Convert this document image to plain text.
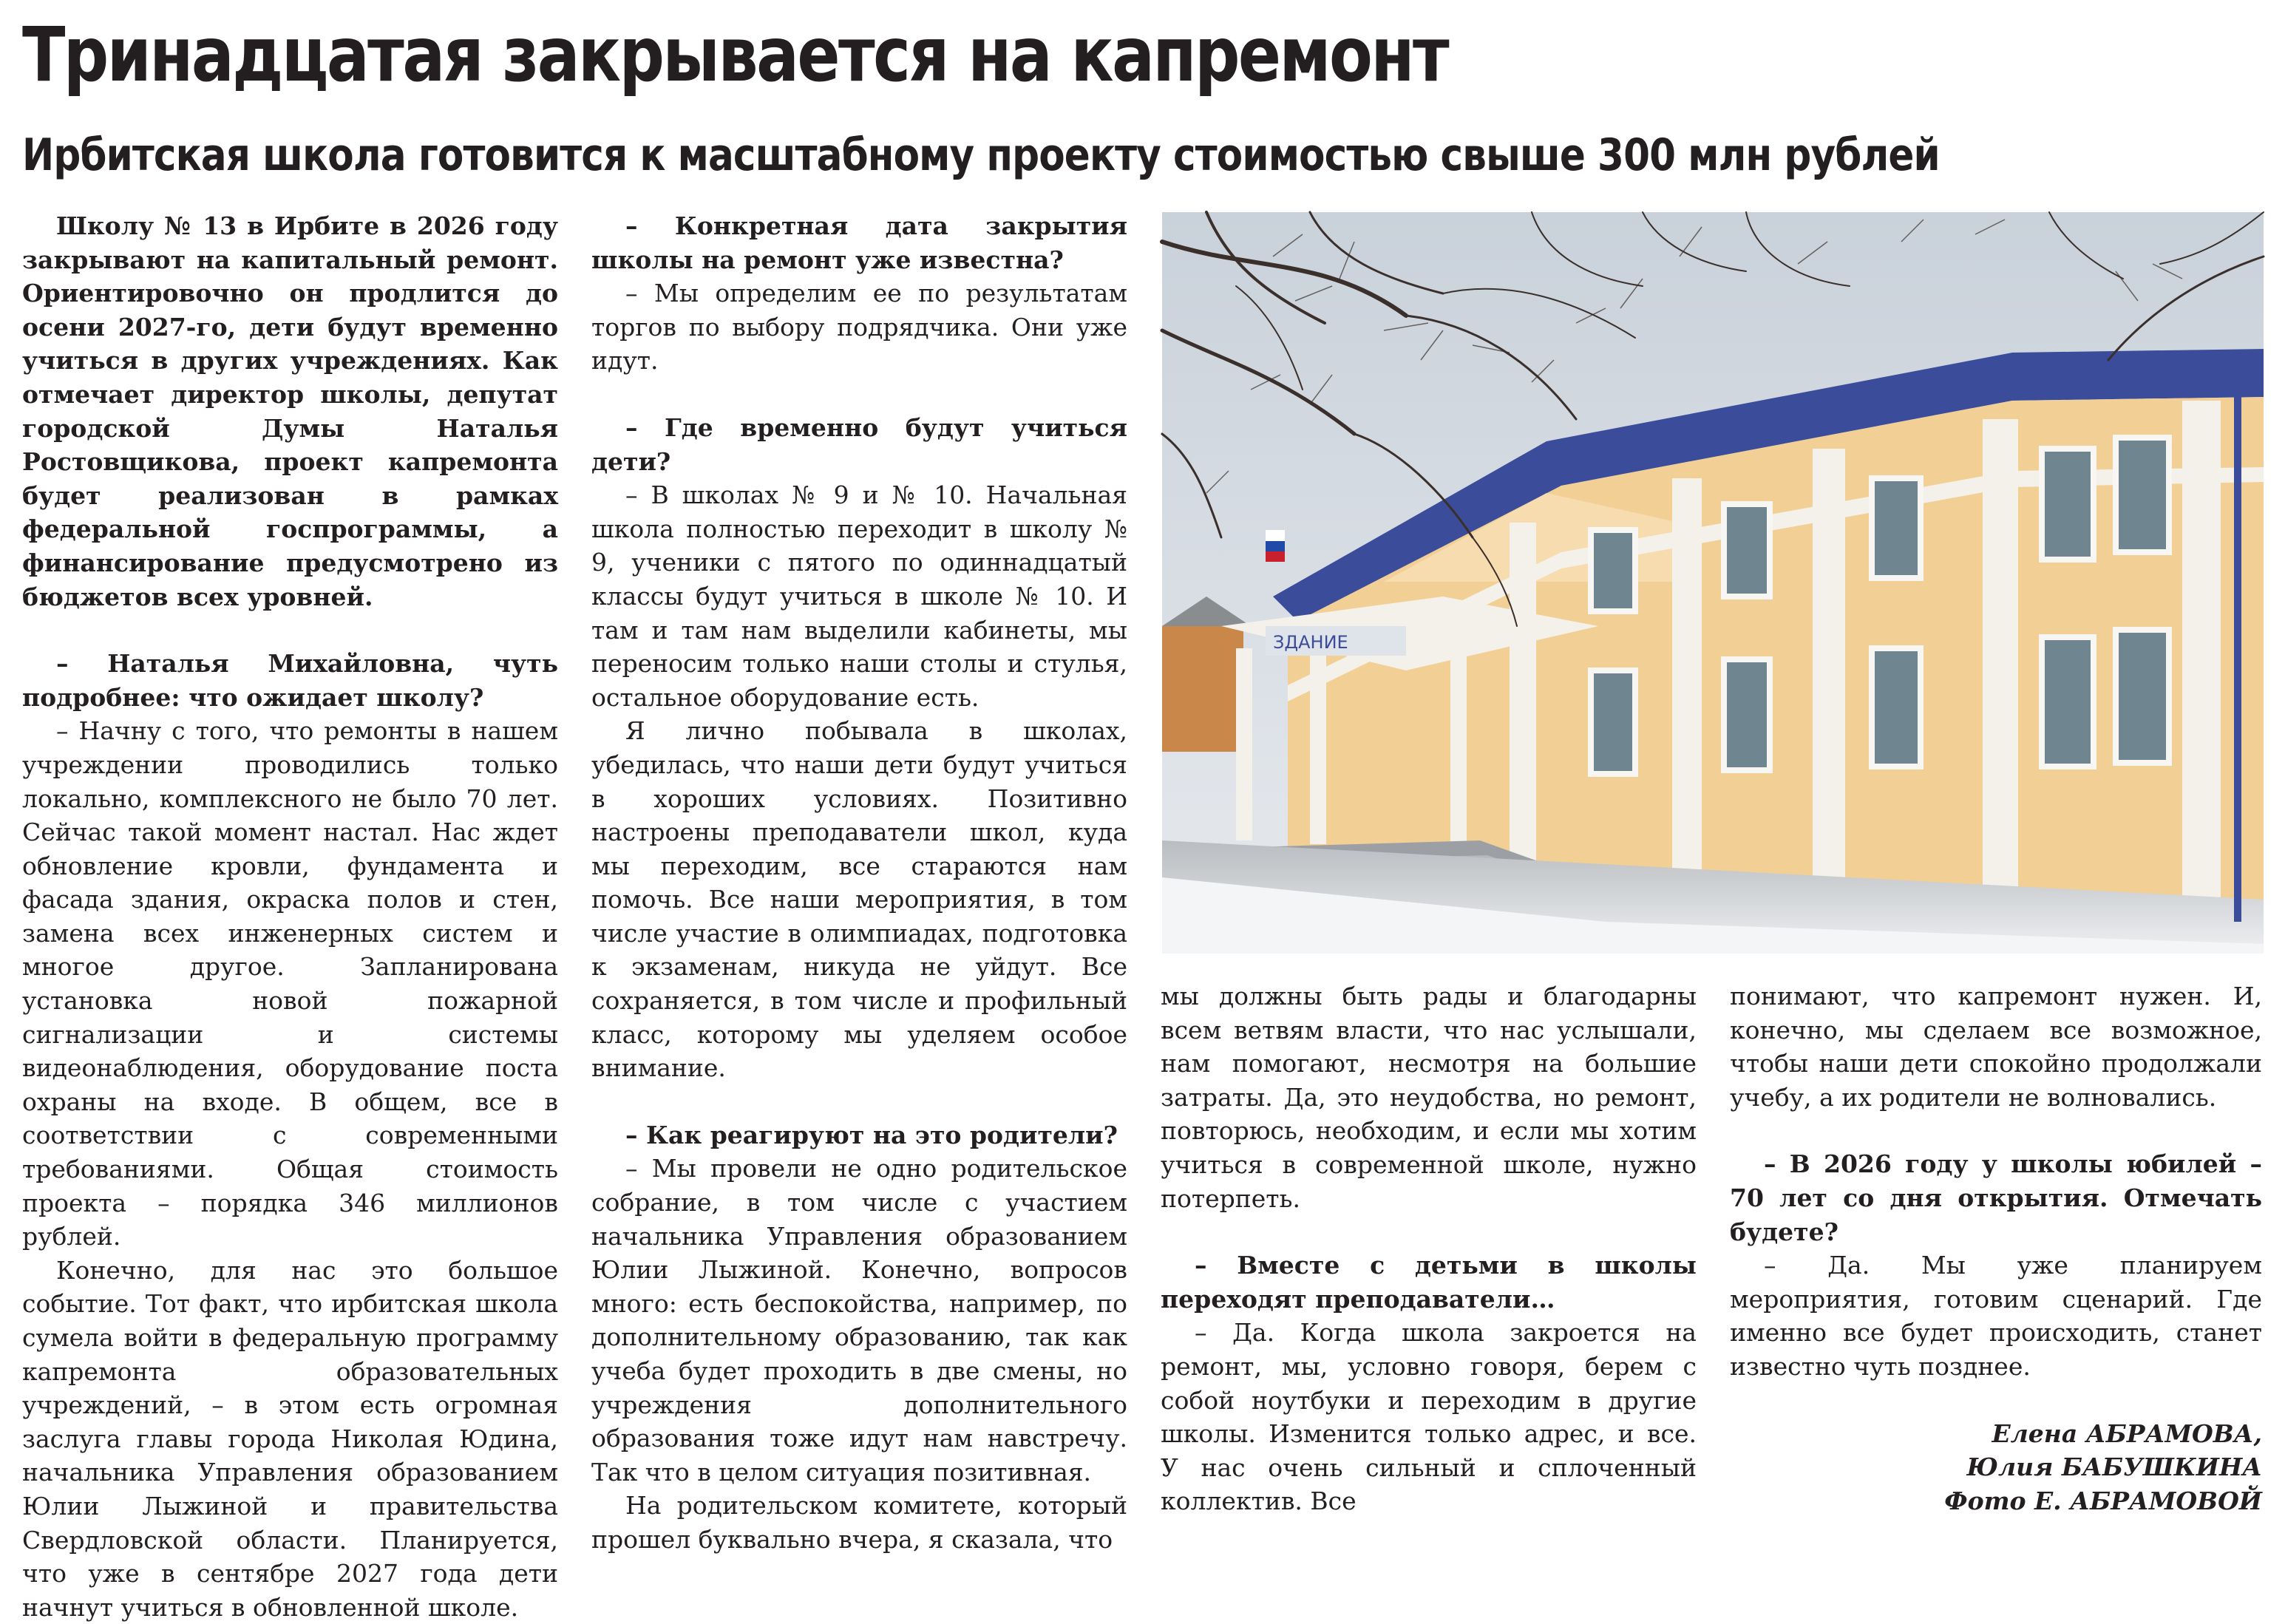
Тринадцатая закрывается на капремонт
Ирбитская школа готовится к масштабному проекту стоимостью свыше 300 млн рублей

Школу № 13 в Ирбите в 2026 году закрывают на капитальный ремонт. Ориентировочно он продлится до осени 2027-го, дети будут временно учиться в других учреждениях. Как отмечает директор школы, депутат городской Думы Наталья Ростовщикова, проект капремонта будет реализован в рамках федеральной госпрограммы, а финансирование предусмотрено из бюджетов всех уровней.

– Наталья Михайловна, чуть подробнее: что ожидает школу?

– Начну с того, что ремонты в нашем учреждении проводились только локально, комплексного не было 70 лет. Сейчас такой момент настал. Нас ждет обновление кровли, фундамента и фасада здания, окраска полов и стен, замена всех инженерных систем и многое другое. Запланирована установка новой пожарной сигнализации и системы видеонаблюдения, оборудование поста охраны на входе. В общем, все в соответствии с современными требованиями. Общая стоимость проекта – порядка 346 миллионов рублей.

Конечно, для нас это большое событие. Тот факт, что ирбитская школа сумела войти в федеральную программу капремонта образовательных учреждений, – в этом есть огромная заслуга главы города Николая Юдина, начальника Управления образованием Юлии Лыжиной и правительства Свердловской области. Планируется, что уже в сентябре 2027 года дети начнут учиться в обновленной школе.

– Конкретная дата закрытия школы на ремонт уже известна?

– Мы определим ее по результатам торгов по выбору подрядчика. Они уже идут.

– Где временно будут учиться дети?

– В школах № 9 и № 10. Начальная школа полностью переходит в школу № 9, ученики с пятого по одиннадцатый классы будут учиться в школе № 10. И там и там нам выделили кабинеты, мы переносим только наши столы и стулья, остальное оборудование есть.

Я лично побывала в школах, убедилась, что наши дети будут учиться в хороших условиях. Позитивно настроены преподаватели школ, куда мы переходим, все стараются нам помочь. Все наши мероприятия, в том числе участие в олимпиадах, подготовка к экзаменам, никуда не уйдут. Все сохраняется, в том числе и профильный класс, которому мы уделяем особое внимание.

– Как реагируют на это родители?

– Мы провели не одно родительское собрание, в том числе с участием начальника Управления образованием Юлии Лыжиной. Конечно, вопросов много: есть беспокойства, например, по дополнительному образованию, так как учеба будет проходить в две смены, но учреждения дополнительного образования тоже идут нам навстречу. Так что в целом ситуация позитивная.

На родительском комитете, который прошел буквально вчера, я сказала, что

ЗДАНИЕ

мы должны быть рады и благодарны всем ветвям власти, что нас услышали, нам помогают, несмотря на большие затраты. Да, это неудобства, но ремонт, повторюсь, необходим, и если мы хотим учиться в современной школе, нужно потерпеть.

– Вместе с детьми в школы переходят преподаватели…

– Да. Когда школа закроется на ремонт, мы, условно говоря, берем с собой ноутбуки и переходим в другие школы. Изменится только адрес, и все. У нас очень сильный и сплоченный коллектив. Все

понимают, что капремонт нужен. И, конечно, мы сделаем все возможное, чтобы наши дети спокойно продолжали учебу, а их родители не волновались.

– В 2026 году у школы юбилей – 70 лет со дня открытия. Отмечать будете?

– Да. Мы уже планируем мероприятия, готовим сценарий. Где именно все будет происходить, станет известно чуть позднее.

Елена АБРАМОВА,

Юлия БАБУШКИНА

Фото Е. АБРАМОВОЙ
